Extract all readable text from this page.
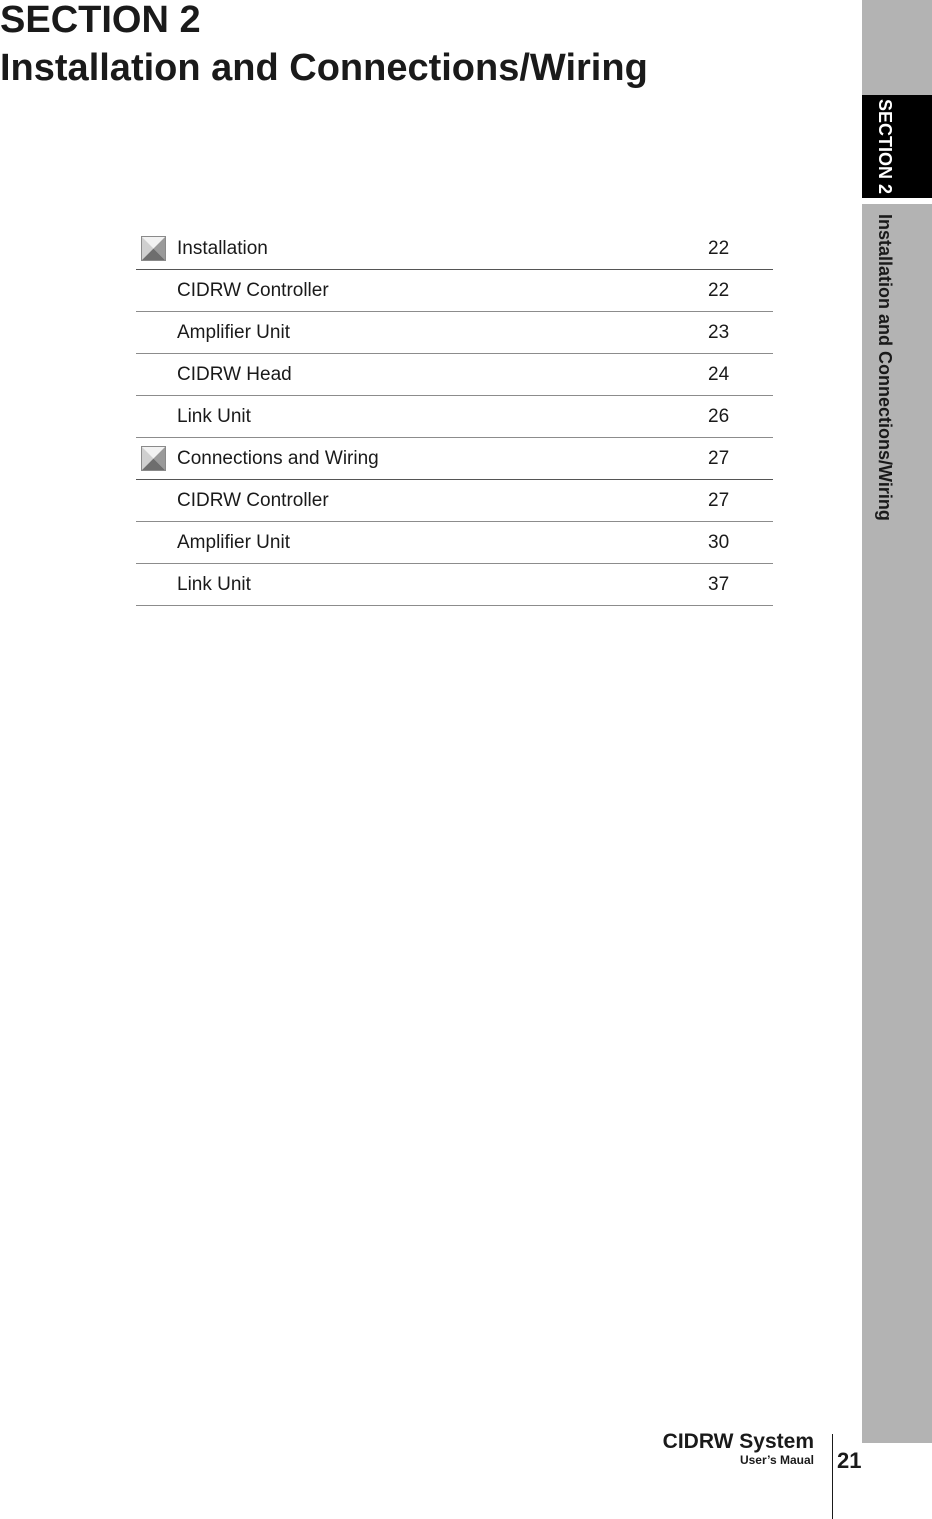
SECTION 2
Installation and Connections/Wiring
SECTION 2
Installation and Connections/Wiring
Installation	22
CIDRW Controller	22
Amplifier Unit	23
CIDRW Head	24
Link Unit	26
Connections and Wiring	27
CIDRW Controller	27
Amplifier Unit	30
Link Unit	37
CIDRW System
User’s Maual 21
